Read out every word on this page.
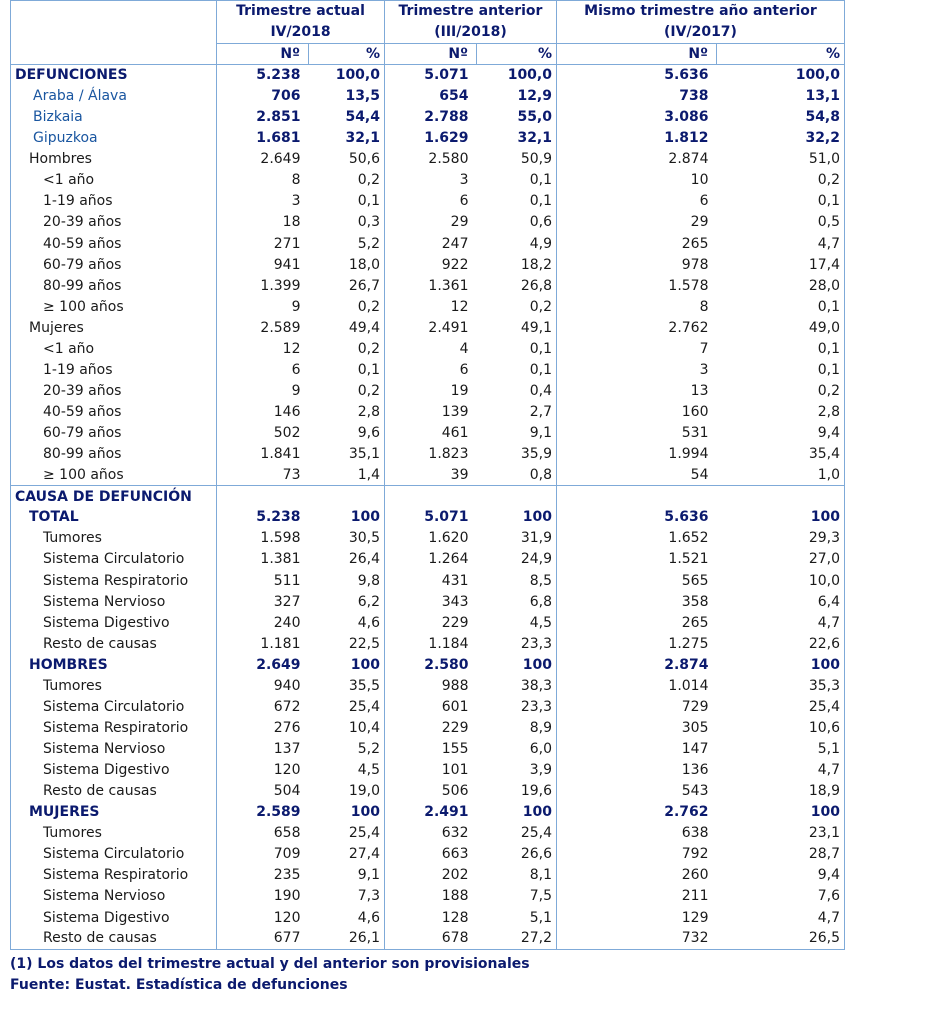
	Trimestre actual		Trimestre anterior		Mismo trimestre año anterior	
	IV/2018		(III/2018)		(IV/2017)	
	Nº	%	Nº	%	Nº	%
DEFUNCIONES	5.238	100,0	5.071	100,0	5.636	100,0
Araba / Álava	706	13,5	654	12,9	738	13,1
Bizkaia	2.851	54,4	2.788	55,0	3.086	54,8
Gipuzkoa	1.681	32,1	1.629	32,1	1.812	32,2
Hombres	2.649	50,6	2.580	50,9	2.874	51,0
<1 año	8	0,2	3	0,1	10	0,2
1-19 años	3	0,1	6	0,1	6	0,1
20-39 años	18	0,3	29	0,6	29	0,5
40-59 años	271	5,2	247	4,9	265	4,7
60-79 años	941	18,0	922	18,2	978	17,4
80-99 años	1.399	26,7	1.361	26,8	1.578	28,0
≥ 100 años	9	0,2	12	0,2	8	0,1
Mujeres	2.589	49,4	2.491	49,1	2.762	49,0
<1 año	12	0,2	4	0,1	7	0,1
1-19 años	6	0,1	6	0,1	3	0,1
20-39 años	9	0,2	19	0,4	13	0,2
40-59 años	146	2,8	139	2,7	160	2,8
60-79 años	502	9,6	461	9,1	531	9,4
80-99 años	1.841	35,1	1.823	35,9	1.994	35,4
≥ 100 años	73	1,4	39	0,8	54	1,0
CAUSA DE DEFUNCIÓN						
TOTAL	5.238	100	5.071	100	5.636	100
Tumores	1.598	30,5	1.620	31,9	1.652	29,3
Sistema Circulatorio	1.381	26,4	1.264	24,9	1.521	27,0
Sistema Respiratorio	511	9,8	431	8,5	565	10,0
Sistema Nervioso	327	6,2	343	6,8	358	6,4
Sistema Digestivo	240	4,6	229	4,5	265	4,7
Resto de causas	1.181	22,5	1.184	23,3	1.275	22,6
HOMBRES	2.649	100	2.580	100	2.874	100
Tumores	940	35,5	988	38,3	1.014	35,3
Sistema Circulatorio	672	25,4	601	23,3	729	25,4
Sistema Respiratorio	276	10,4	229	8,9	305	10,6
Sistema Nervioso	137	5,2	155	6,0	147	5,1
Sistema Digestivo	120	4,5	101	3,9	136	4,7
Resto de causas	504	19,0	506	19,6	543	18,9
MUJERES	2.589	100	2.491	100	2.762	100
Tumores	658	25,4	632	25,4	638	23,1
Sistema Circulatorio	709	27,4	663	26,6	792	28,7
Sistema Respiratorio	235	9,1	202	8,1	260	9,4
Sistema Nervioso	190	7,3	188	7,5	211	7,6
Sistema Digestivo	120	4,6	128	5,1	129	4,7
Resto de causas	677	26,1	678	27,2	732	26,5
(1) Los datos del trimestre actual y del anterior son provisionales
Fuente: Eustat. Estadística de defunciones
